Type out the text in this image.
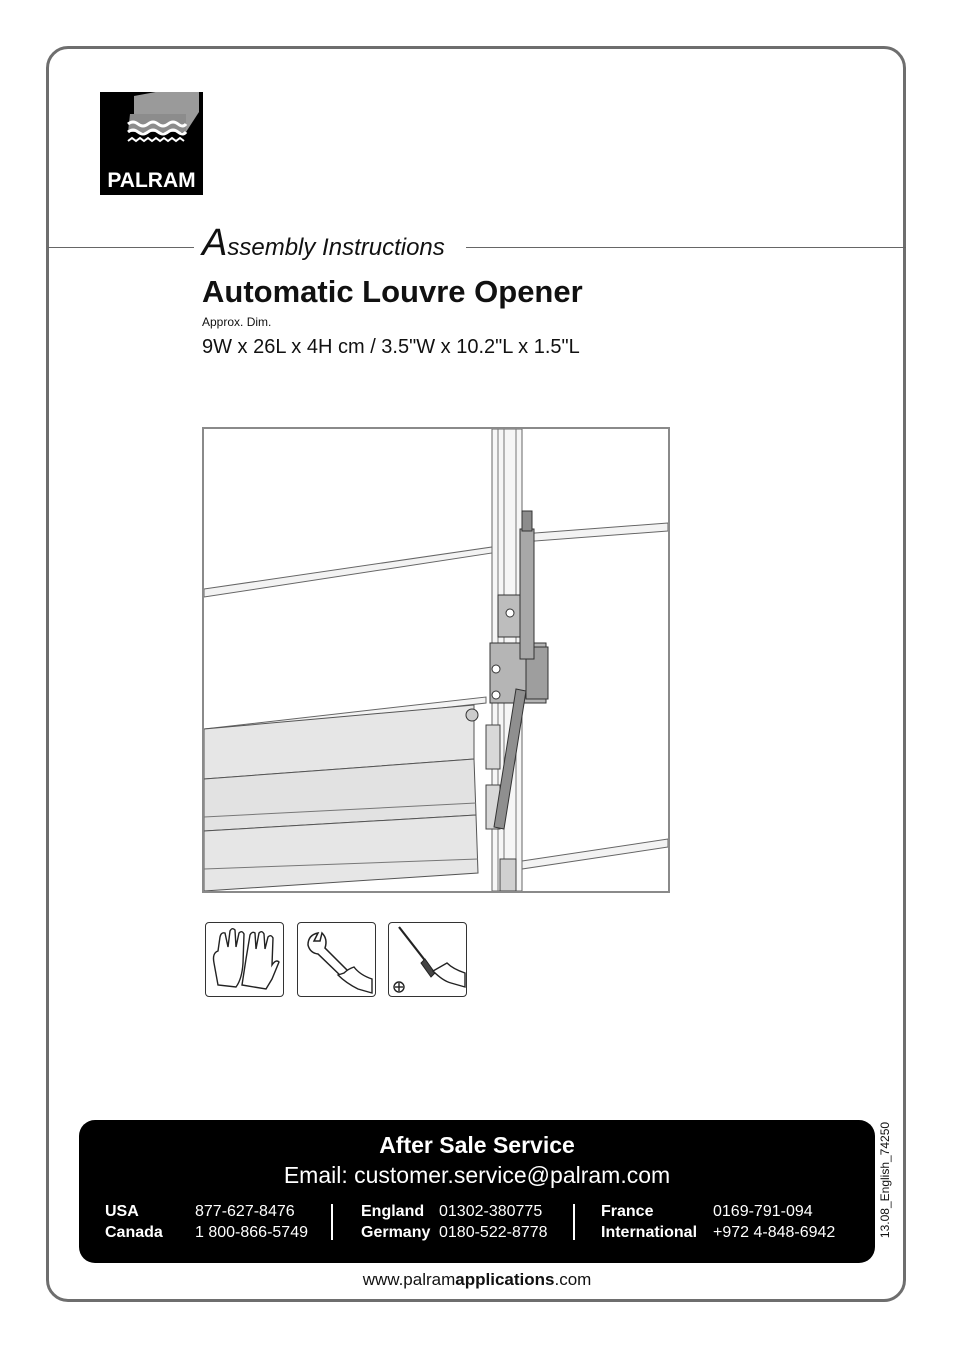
PALRAM
Assembly Instructions
Automatic Louvre Opener
Approx. Dim.
9W x 26L x 4H cm / 3.5"W x 10.2"L x 1.5"L
After Sale Service
Email: customer.service@palram.com
USA	877-627-8476
Canada 1 800-866-5749
England 01302-380775
Germany 0180-522-8778
France	0169-791-094
International +972 4-848-6942	13.08_English_74250
www.palramapplications.com
